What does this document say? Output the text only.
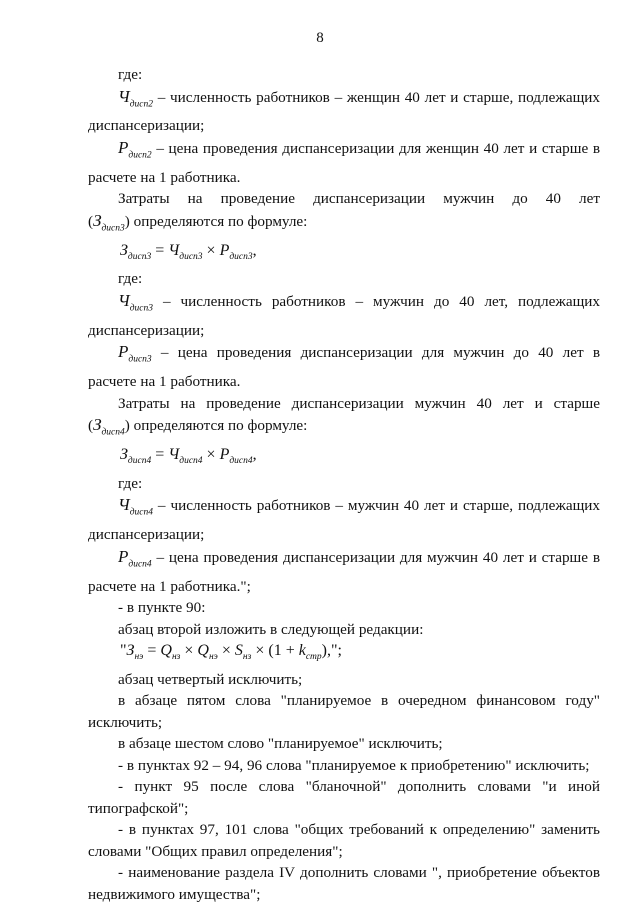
8

где:

$Ч_{дисп2}$ – численность работников – женщин 40 лет и старше, подлежащих

диспансеризации;

$P_{дисп2}$ – цена проведения диспансеризации для женщин 40 лет и старше в

расчете на 1 работника.

Затраты на проведение диспансеризации мужчин до 40 лет

$(З_{дисп3})$ определяются по формуле:

$З_{дисп3} = Ч_{дисп3} \times P_{дисп3}$,

где:

$Ч_{дисп3}$ – численность работников – мужчин до 40 лет, подлежащих

диспансеризации;

$P_{дисп3}$ – цена проведения диспансеризации для мужчин до 40 лет в

расчете на 1 работника.

Затраты на проведение диспансеризации мужчин 40 лет и старше

$(З_{дисп4})$ определяются по формуле:

$З_{дисп4} = Ч_{дисп4} \times P_{дисп4}$,

где:

$Ч_{дисп4}$ – численность работников – мужчин 40 лет и старше, подлежащих

диспансеризации;

$P_{дисп4}$ – цена проведения диспансеризации для мужчин 40 лет и старше в

расчете на 1 работника.";

- в пункте 90:

абзац второй изложить в следующей редакции:

"$З_{нэ} = Q_{нз} \times Q_{нэ} \times S_{нз} \times (1 + k_{стр})$,";

абзац четвертый исключить;

в абзаце пятом слова "планируемое в очередном финансовом году"

исключить;

в абзаце шестом слово "планируемое" исключить;

- в пунктах 92 – 94, 96 слова "планируемое к приобретению" исключить;

- пункт 95 после слова "бланочной" дополнить словами "и иной

типографской";

- в пунктах 97, 101 слова "общих требований к определению" заменить

словами "Общих правил определения";

- наименование раздела IV дополнить словами ", приобретение объектов

недвижимого имущества";
